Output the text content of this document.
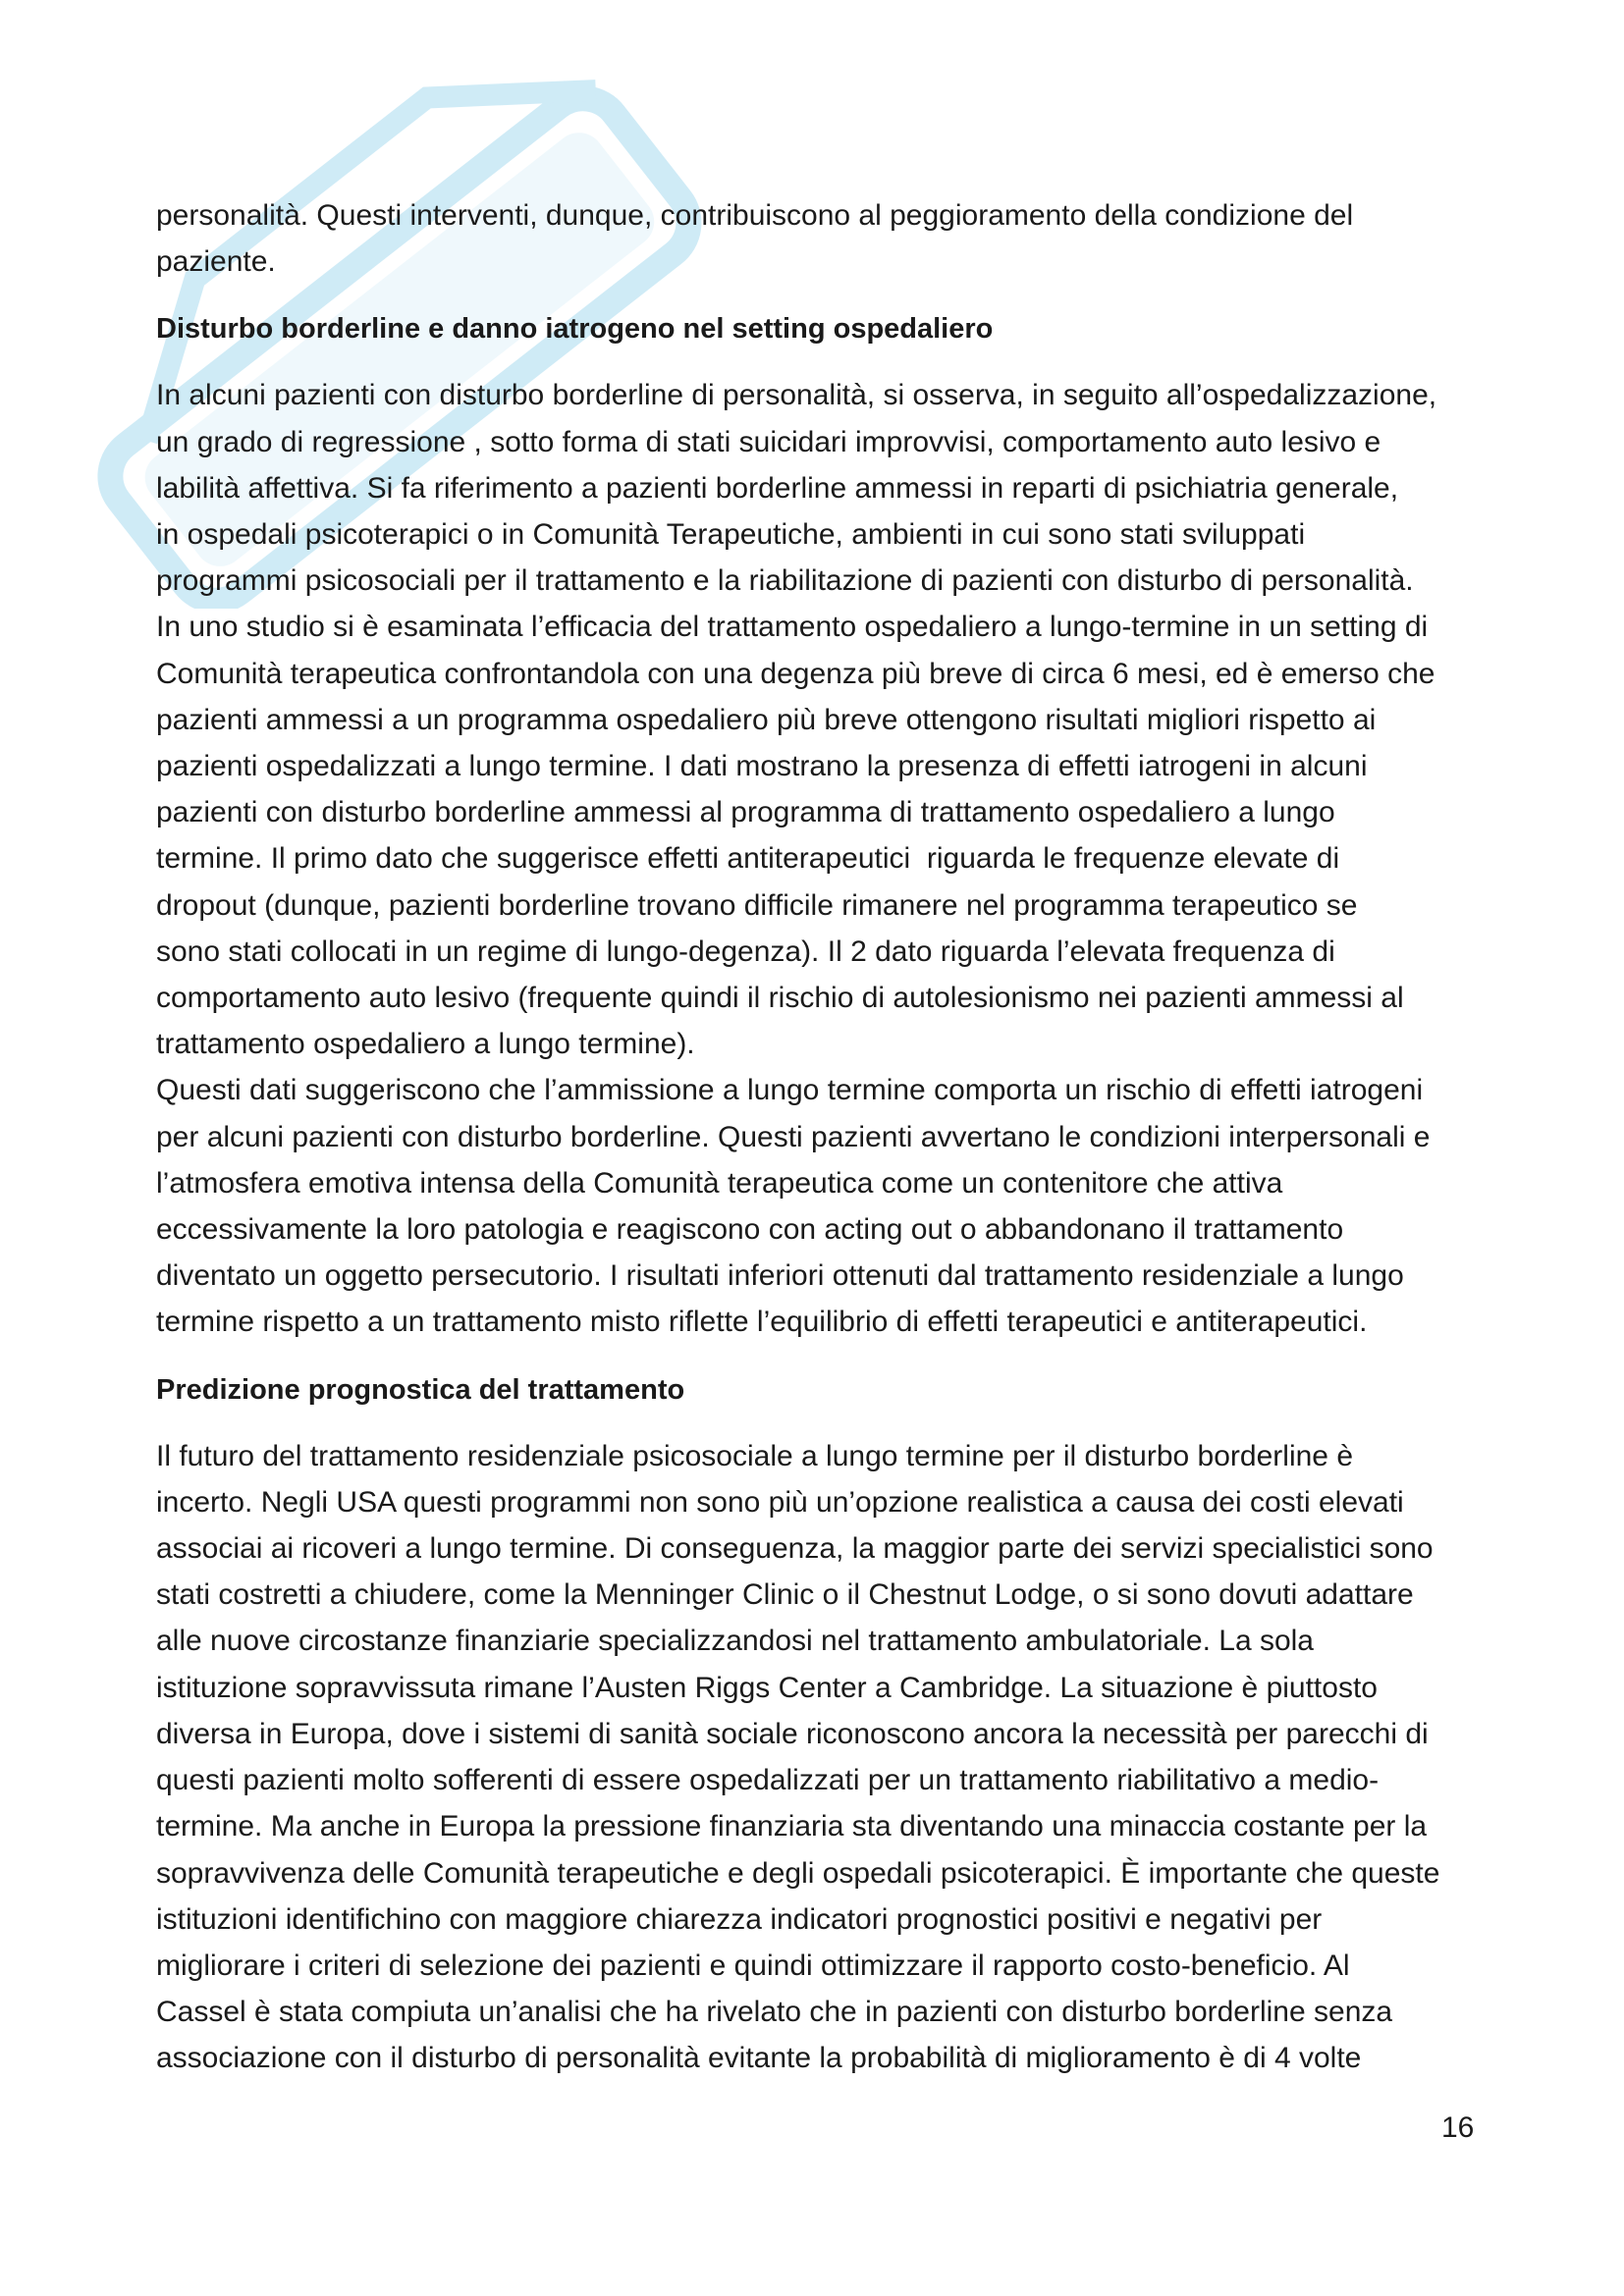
personalità. Questi interventi, dunque, contribuiscono al peggioramento della condizione del
paziente.

Disturbo borderline e danno iatrogeno nel setting ospedaliero

In alcuni pazienti con disturbo borderline di personalità, si osserva, in seguito all’ospedalizzazione,
un grado di regressione , sotto forma di stati suicidari improvvisi, comportamento auto lesivo e
labilità affettiva. Si fa riferimento a pazienti borderline ammessi in reparti di psichiatria generale,
in ospedali psicoterapici o in Comunità Terapeutiche, ambienti in cui sono stati sviluppati
programmi psicosociali per il trattamento e la riabilitazione di pazienti con disturbo di personalità.
In uno studio si è esaminata l’efficacia del trattamento ospedaliero a lungo-termine in un setting di
Comunità terapeutica confrontandola con una degenza più breve di circa 6 mesi, ed è emerso che
pazienti ammessi a un programma ospedaliero più breve ottengono risultati migliori rispetto ai
pazienti ospedalizzati a lungo termine. I dati mostrano la presenza di effetti iatrogeni in alcuni
pazienti con disturbo borderline ammessi al programma di trattamento ospedaliero a lungo
termine. Il primo dato che suggerisce effetti antiterapeutici  riguarda le frequenze elevate di
dropout (dunque, pazienti borderline trovano difficile rimanere nel programma terapeutico se
sono stati collocati in un regime di lungo-degenza). Il 2 dato riguarda l’elevata frequenza di
comportamento auto lesivo (frequente quindi il rischio di autolesionismo nei pazienti ammessi al
trattamento ospedaliero a lungo termine).

Questi dati suggeriscono che l’ammissione a lungo termine comporta un rischio di effetti iatrogeni
per alcuni pazienti con disturbo borderline. Questi pazienti avvertano le condizioni interpersonali e
l’atmosfera emotiva intensa della Comunità terapeutica come un contenitore che attiva
eccessivamente la loro patologia e reagiscono con acting out o abbandonano il trattamento
diventato un oggetto persecutorio. I risultati inferiori ottenuti dal trattamento residenziale a lungo
termine rispetto a un trattamento misto riflette l’equilibrio di effetti terapeutici e antiterapeutici.

Predizione prognostica del trattamento

Il futuro del trattamento residenziale psicosociale a lungo termine per il disturbo borderline è
incerto. Negli USA questi programmi non sono più un’opzione realistica a causa dei costi elevati
associai ai ricoveri a lungo termine. Di conseguenza, la maggior parte dei servizi specialistici sono
stati costretti a chiudere, come la Menninger Clinic o il Chestnut Lodge, o si sono dovuti adattare
alle nuove circostanze finanziarie specializzandosi nel trattamento ambulatoriale. La sola
istituzione sopravvissuta rimane l’Austen Riggs Center a Cambridge. La situazione è piuttosto
diversa in Europa, dove i sistemi di sanità sociale riconoscono ancora la necessità per parecchi di
questi pazienti molto sofferenti di essere ospedalizzati per un trattamento riabilitativo a medio-
termine. Ma anche in Europa la pressione finanziaria sta diventando una minaccia costante per la
sopravvivenza delle Comunità terapeutiche e degli ospedali psicoterapici. È importante che queste
istituzioni identifichino con maggiore chiarezza indicatori prognostici positivi e negativi per
migliorare i criteri di selezione dei pazienti e quindi ottimizzare il rapporto costo-beneficio. Al
Cassel è stata compiuta un’analisi che ha rivelato che in pazienti con disturbo borderline senza
associazione con il disturbo di personalità evitante la probabilità di miglioramento è di 4 volte

16
